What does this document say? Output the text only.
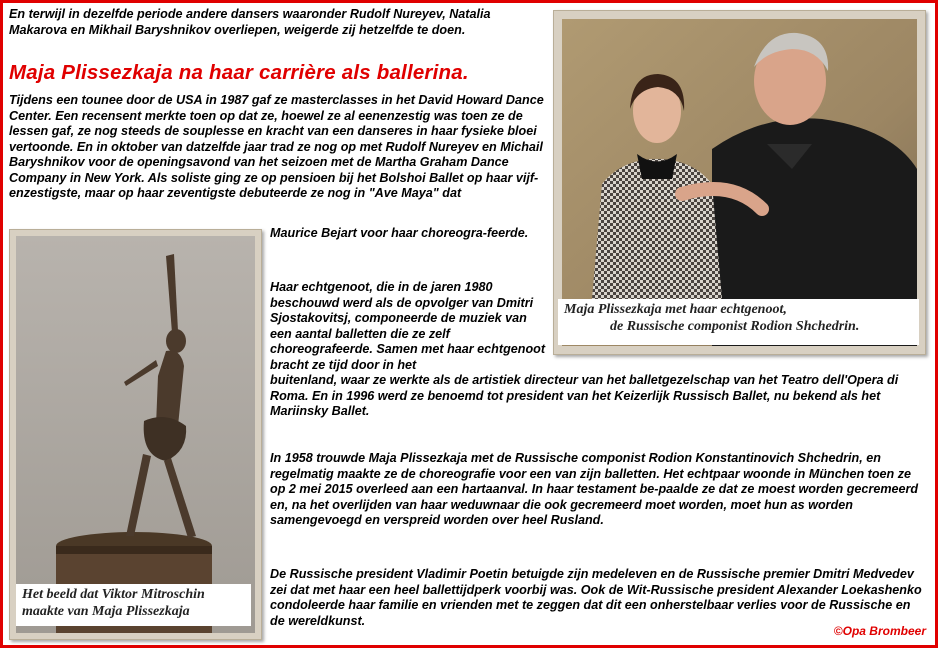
En terwijl in dezelfde periode andere dansers waaronder Rudolf Nureyev, Natalia Makarova en Mikhail Baryshnikov overliepen, weigerde zij hetzelfde te doen.
Maja Plissezkaja na haar carrière als ballerina.
Tijdens een tounee door de USA in 1987 gaf ze masterclasses in het David Howard Dance Center. Een recensent merkte toen op dat ze, hoewel ze al eenenzestig was toen ze de lessen gaf, ze nog steeds de souplesse en kracht van een danseres in haar fysieke bloei vertoonde. En in oktober van datzelfde jaar trad ze nog op met Rudolf Nureyev en Michail Baryshnikov voor de openingsavond van het seizoen met de Martha Graham Dance Company in New York. Als soliste ging ze op pensioen bij het Bolshoi Ballet op haar vijf-enzestigste, maar op haar zeventigste debuteerde ze nog in "Ave Maya" dat
Maurice Bejart voor haar choreogra-feerde.
Haar echtgenoot, die in de jaren 1980 beschouwd werd als de opvolger van Dmitri Sjostakovitsj, componeerde de muziek van een aantal balletten die ze zelf choreografeerde. Samen met haar echtgenoot bracht ze tijd door in het
buitenland, waar ze werkte als de artistiek directeur van het balletgezelschap van het Teatro dell'Opera di Roma. En in 1996 werd ze benoemd tot president van het Keizerlijk Russisch Ballet, nu bekend als het Mariinsky Ballet.
In 1958 trouwde Maja Plissezkaja met de Russische componist Rodion Konstantinovich Shchedrin, en regelmatig maakte ze de choreografie voor een van zijn balletten. Het echtpaar woonde in München toen ze op 2 mei 2015 overleed aan een hartaanval. In haar testament be-paalde ze dat ze moest worden gecremeerd en, na het overlijden van haar weduwnaar die ook gecremeerd moet worden, moet hun as worden samengevoegd en verspreid worden over heel Rusland.
De Russische president Vladimir Poetin betuigde zijn medeleven en de Russische premier Dmitri Medvedev zei dat met haar een heel ballettijdperk voorbij was. Ook de Wit-Russische president Alexander Loekashenko condoleerde haar familie en vrienden met te zeggen dat dit een onherstelbaar verlies voor de Russische en de wereldkunst.
Maja Plissezkaja met haar echtgenoot,
de Russische componist Rodion Shchedrin.
Het beeld dat Viktor Mitroschin
maakte van Maja Plissezkaja
©Opa Brombeer
